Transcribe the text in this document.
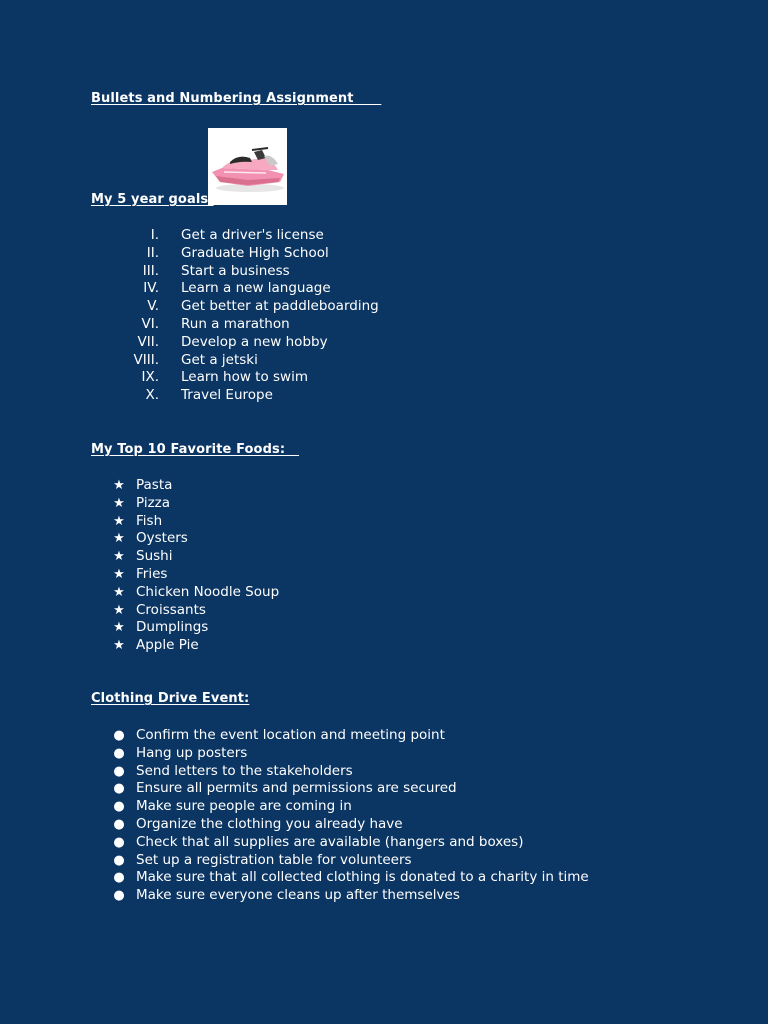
Bullets and Numbering Assignment
My 5 year goals:
I. Get a driver's license
II. Graduate High School
III. Start a business
IV. Learn a new language
V. Get better at paddleboarding
VI. Run a marathon
VII. Develop a new hobby
VIII. Get a jetski
IX. Learn how to swim
X. Travel Europe
My Top 10 Favorite Foods:
★ Pasta
★ Pizza
★ Fish
★ Oysters
★ Sushi
★ Fries
★ Chicken Noodle Soup
★ Croissants
★ Dumplings
★ Apple Pie
Clothing Drive Event:
● Confirm the event location and meeting point
● Hang up posters
● Send letters to the stakeholders
● Ensure all permits and permissions are secured
● Make sure people are coming in
● Organize the clothing you already have
● Check that all supplies are available (hangers and boxes)
● Set up a registration table for volunteers
● Make sure that all collected clothing is donated to a charity in time
● Make sure everyone cleans up after themselves
